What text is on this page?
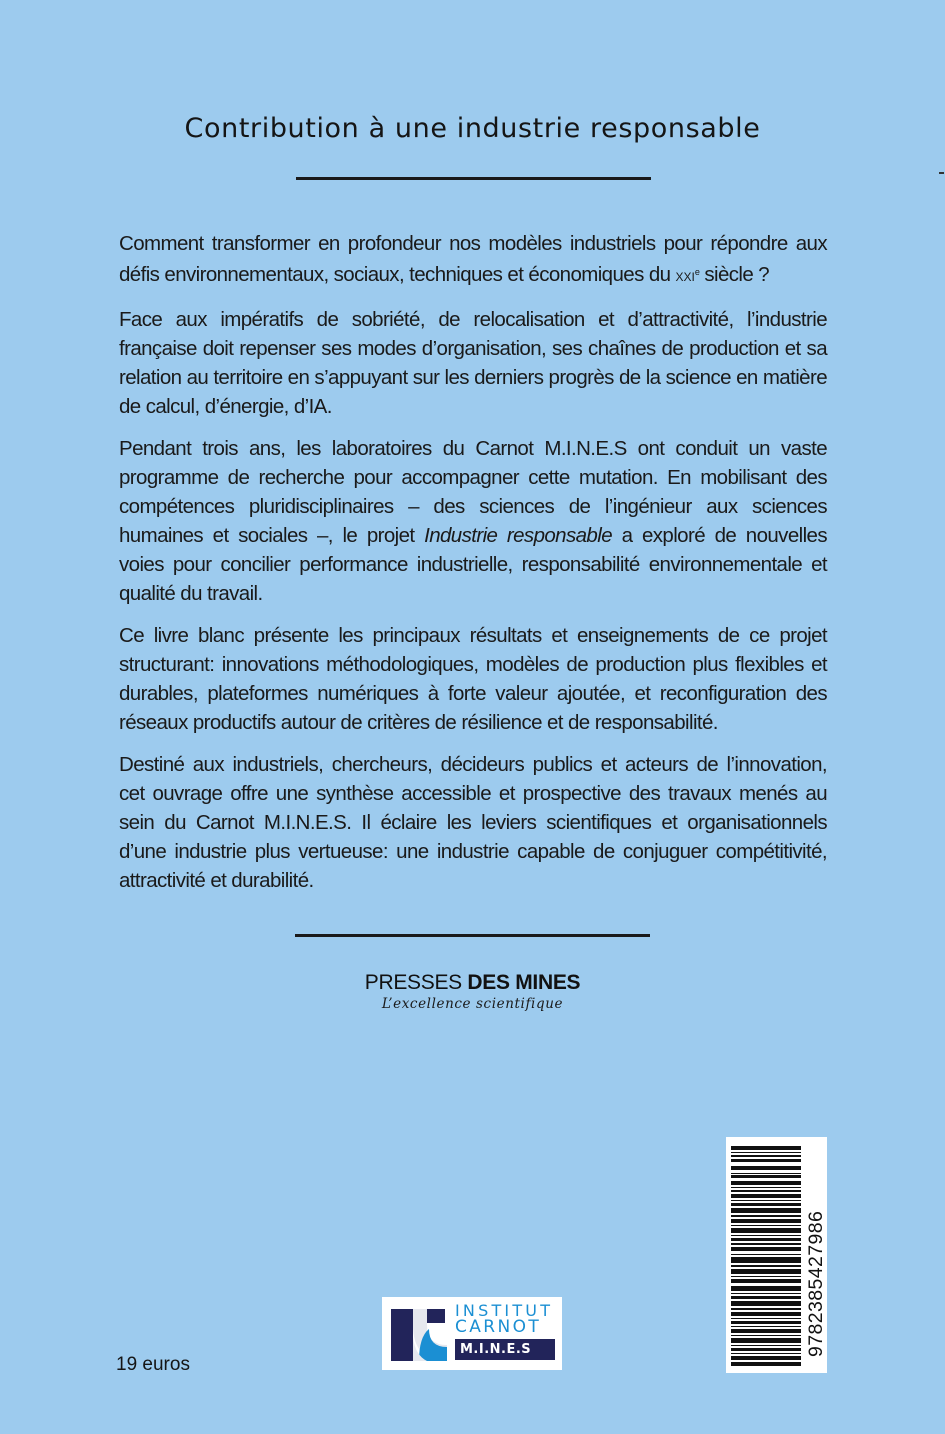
Contribution à une industrie responsable

Comment transformer en profondeur nos modèles industriels pour répondre aux défis environnementaux, sociaux, techniques et économiques du XXIe siècle ?

Face aux impératifs de sobriété, de relocalisation et d’attractivité, l’industrie française doit repenser ses modes d’organisation, ses chaînes de production et sa relation au territoire en s’appuyant sur les derniers progrès de la science en matière de calcul, d’énergie, d’IA.

Pendant trois ans, les laboratoires du Carnot M.I.N.E.S ont conduit un vaste programme de recherche pour accompagner cette mutation. En mobilisant des compétences pluridisciplinaires – des sciences de l’ingénieur aux sciences humaines et sociales –, le projet Industrie responsable a exploré de nouvelles voies pour concilier performance industrielle, responsabilité environnementale et qualité du travail.

Ce livre blanc présente les principaux résultats et enseignements de ce projet structurant: innovations méthodologiques, modèles de production plus flexibles et durables, plateformes numériques à forte valeur ajoutée, et reconfiguration des réseaux productifs autour de critères de résilience et de responsabilité.

Destiné aux industriels, chercheurs, décideurs publics et acteurs de l’innovation, cet ouvrage offre une synthèse accessible et prospective des travaux menés au sein du Carnot M.I.N.E.S. Il éclaire les leviers scientifiques et organisationnels d’une industrie plus vertueuse: une industrie capable de conjuguer compétitivité, attractivité et durabilité.

PRESSES DES MINES
L’excellence scientifique
INSTITUT
CARNOT
M.I.N.E.S	9782385427986
19 euros
